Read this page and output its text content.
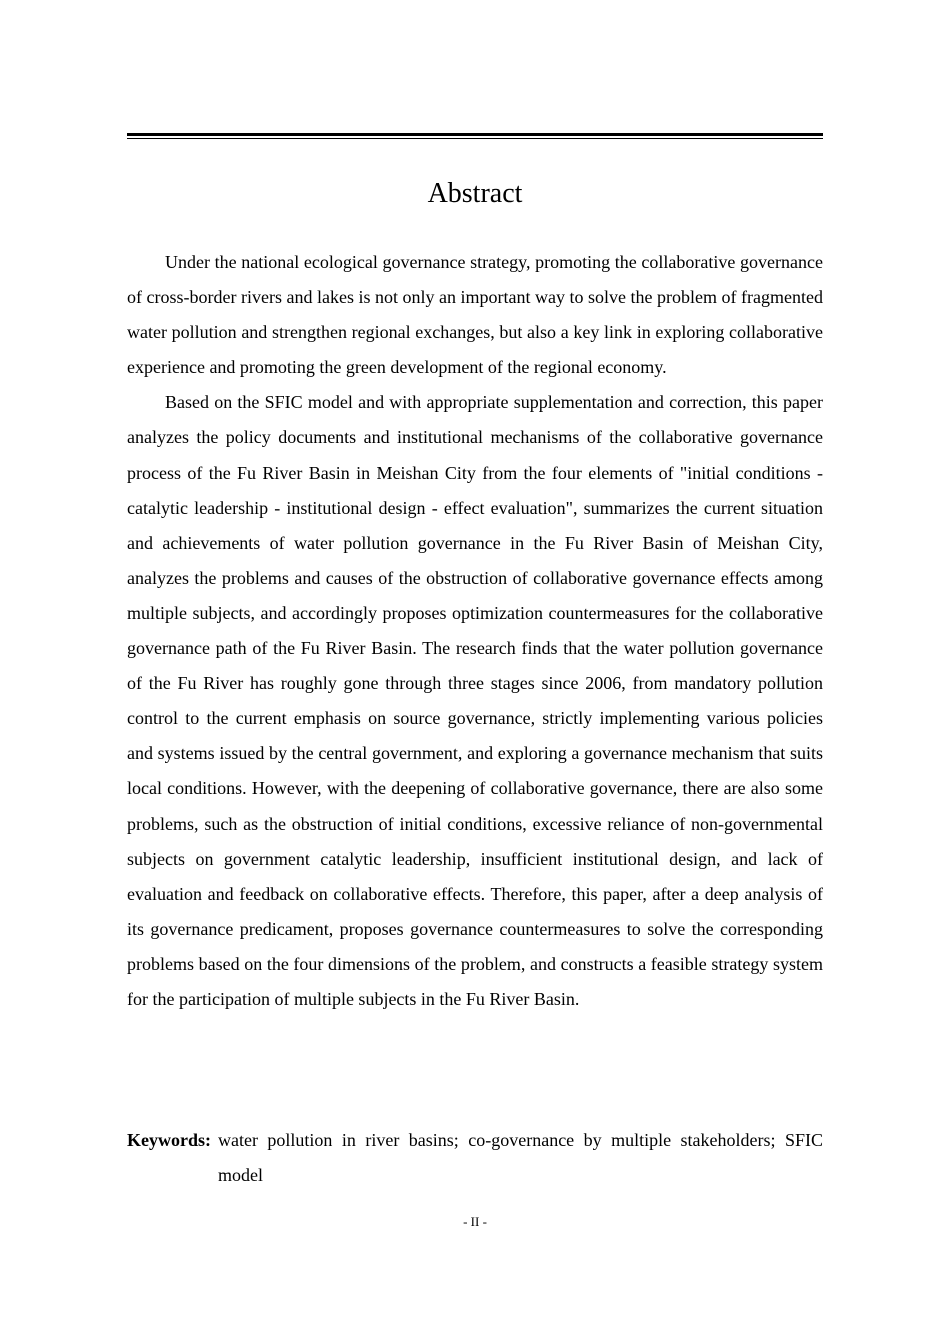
Abstract

Under the national ecological governance strategy, promoting the collaborative governance of cross-border rivers and lakes is not only an important way to solve the problem of fragmented water pollution and strengthen regional exchanges, but also a key link in exploring collaborative experience and promoting the green development of the regional economy.

Based on the SFIC model and with appropriate supplementation and correction, this paper analyzes the policy documents and institutional mechanisms of the collaborative governance process of the Fu River Basin in Meishan City from the four elements of "initial conditions - catalytic leadership - institutional design - effect evaluation", summarizes the current situation and achievements of water pollution governance in the Fu River Basin of Meishan City, analyzes the problems and causes of the obstruction of collaborative governance effects among multiple subjects, and accordingly proposes optimization countermeasures for the collaborative governance path of the Fu River Basin. The research finds that the water pollution governance of the Fu River has roughly gone through three stages since 2006, from mandatory pollution control to the current emphasis on source governance, strictly implementing various policies and systems issued by the central government, and exploring a governance mechanism that suits local conditions. However, with the deepening of collaborative governance, there are also some problems, such as the obstruction of initial conditions, excessive reliance of non-governmental subjects on government catalytic leadership, insufficient institutional design, and lack of evaluation and feedback on collaborative effects. Therefore, this paper, after a deep analysis of its governance predicament, proposes governance countermeasures to solve the corresponding problems based on the four dimensions of the problem, and constructs a feasible strategy system for the participation of multiple subjects in the Fu River Basin.

Keywords: water pollution in river basins; co-governance by multiple stakeholders; SFIC model
- II -
